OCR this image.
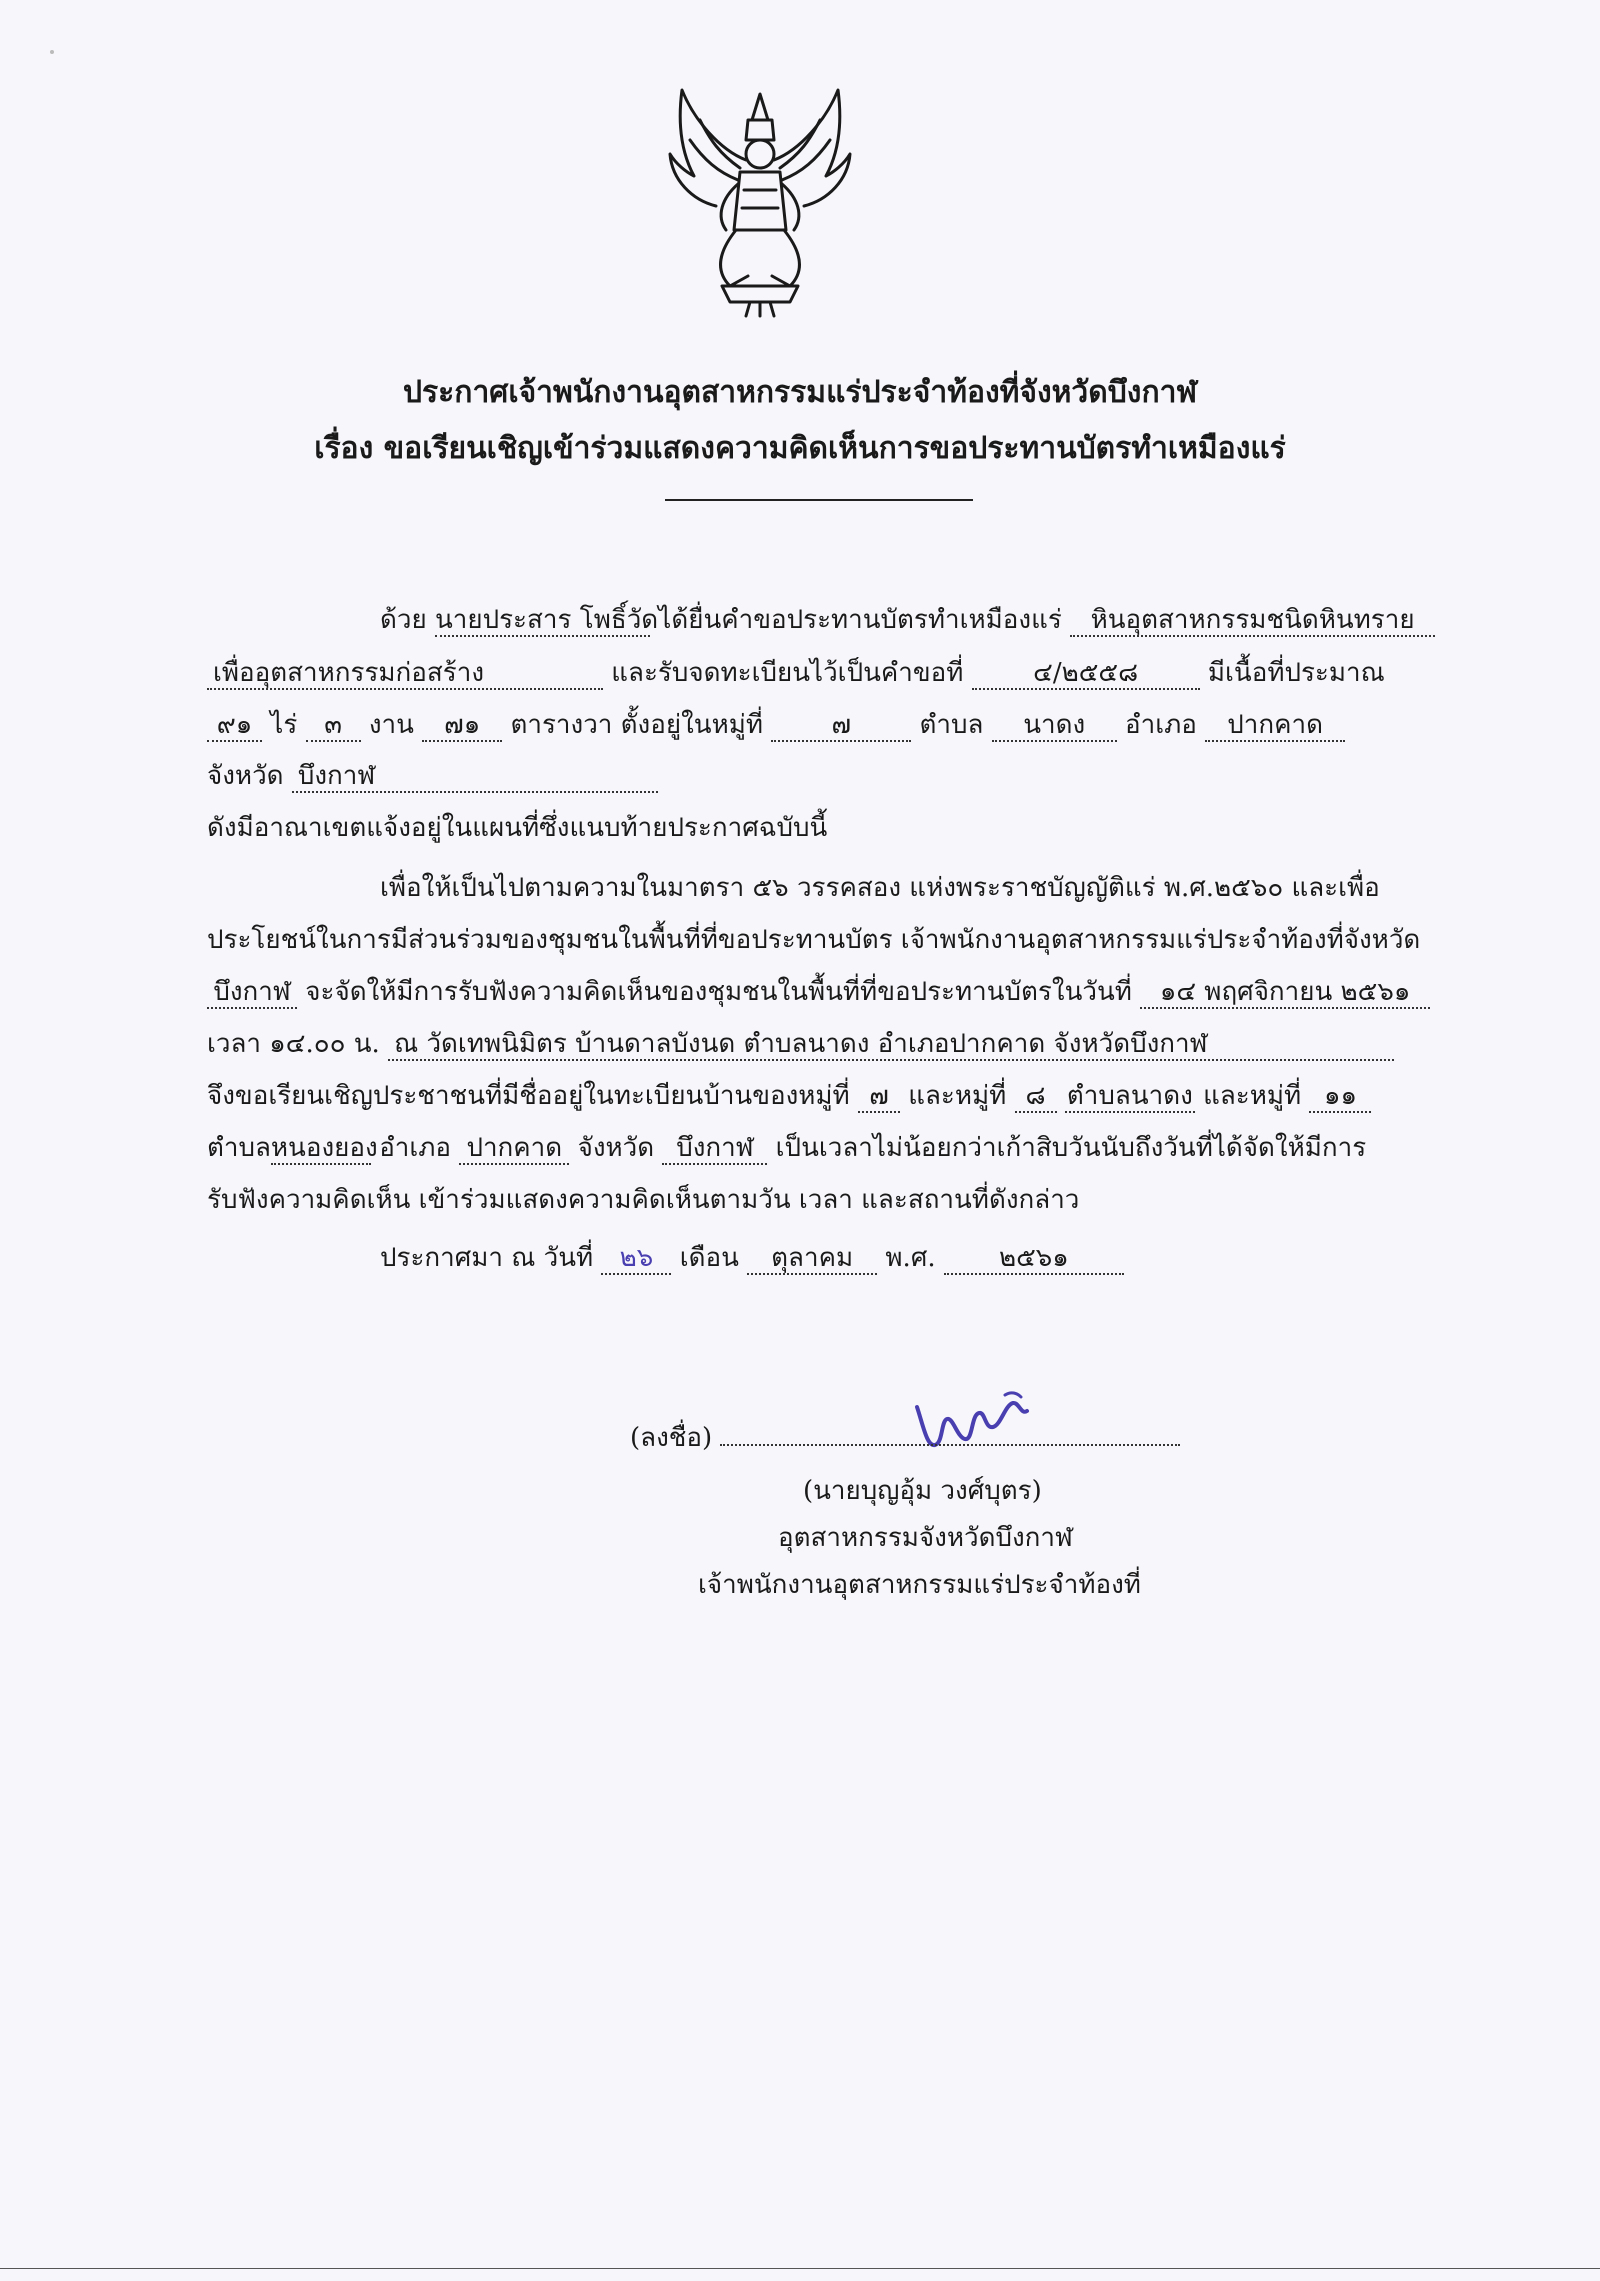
ประกาศเจ้าพนักงานอุตสาหกรรมแร่ประจำท้องที่จังหวัดบึงกาฬ
เรื่อง ขอเรียนเชิญเข้าร่วมแสดงความคิดเห็นการขอประทานบัตรทำเหมืองแร่
ด้วย นายประสาร โพธิ์วัด ได้ยื่นคำขอประทานบัตรทำเหมืองแร่ หินอุตสาหกรรมชนิดหินทราย
เพื่ออุตสาหกรรมก่อสร้าง	และรับจดทะเบียนไว้เป็นคำขอที่	๔/๒๕๕๘	มีเนื้อที่ประมาณ
๙๑ ไร่ ๓ งาน ๗๑ ตารางวา ตั้งอยู่ในหมู่ที่	๗	ตำบล นาดง อำเภอ ปากคาด
จังหวัด บึงกาฬ
ดังมีอาณาเขตแจ้งอยู่ในแผนที่ซึ่งแนบท้ายประกาศฉบับนี้
เพื่อให้เป็นไปตามความในมาตรา ๕๖ วรรคสอง แห่งพระราชบัญญัติแร่ พ.ศ.๒๕๖๐ และเพื่อ
ประโยชน์ในการมีส่วนร่วมของชุมชนในพื้นที่ที่ขอประทานบัตร เจ้าพนักงานอุตสาหกรรมแร่ประจำท้องที่จังหวัด
บึงกาฬ จะจัดให้มีการรับฟังความคิดเห็นของชุมชนในพื้นที่ที่ขอประทานบัตรในวันที่ ๑๔ พฤศจิกายน ๒๕๖๑
เวลา ๑๔.๐๐ น. ณ วัดเทพนิมิตร บ้านดาลบังนด ตำบลนาดง อำเภอปากคาด จังหวัดบึงกาฬ
จึงขอเรียนเชิญประชาชนที่มีชื่ออยู่ในทะเบียนบ้านของหมู่ที่ ๗ และหมู่ที่ ๘ ตำบลนาดง และหมู่ที่ ๑๑
ตำบลหนองยอง อำเภอ ปากคาด จังหวัด บึงกาฬ เป็นเวลาไม่น้อยกว่าเก้าสิบวันนับถึงวันที่ได้จัดให้มีการ
รับฟังความคิดเห็น เข้าร่วมแสดงความคิดเห็นตามวัน เวลา และสถานที่ดังกล่าว
ประกาศมา ณ วันที่ ๒๖ เดือน ตุลาคม พ.ศ. ๒๕๖๑
(ลงชื่อ)
(นายบุญอุ้ม วงศ์บุตร)
อุตสาหกรรมจังหวัดบึงกาฬ
เจ้าพนักงานอุตสาหกรรมแร่ประจำท้องที่
